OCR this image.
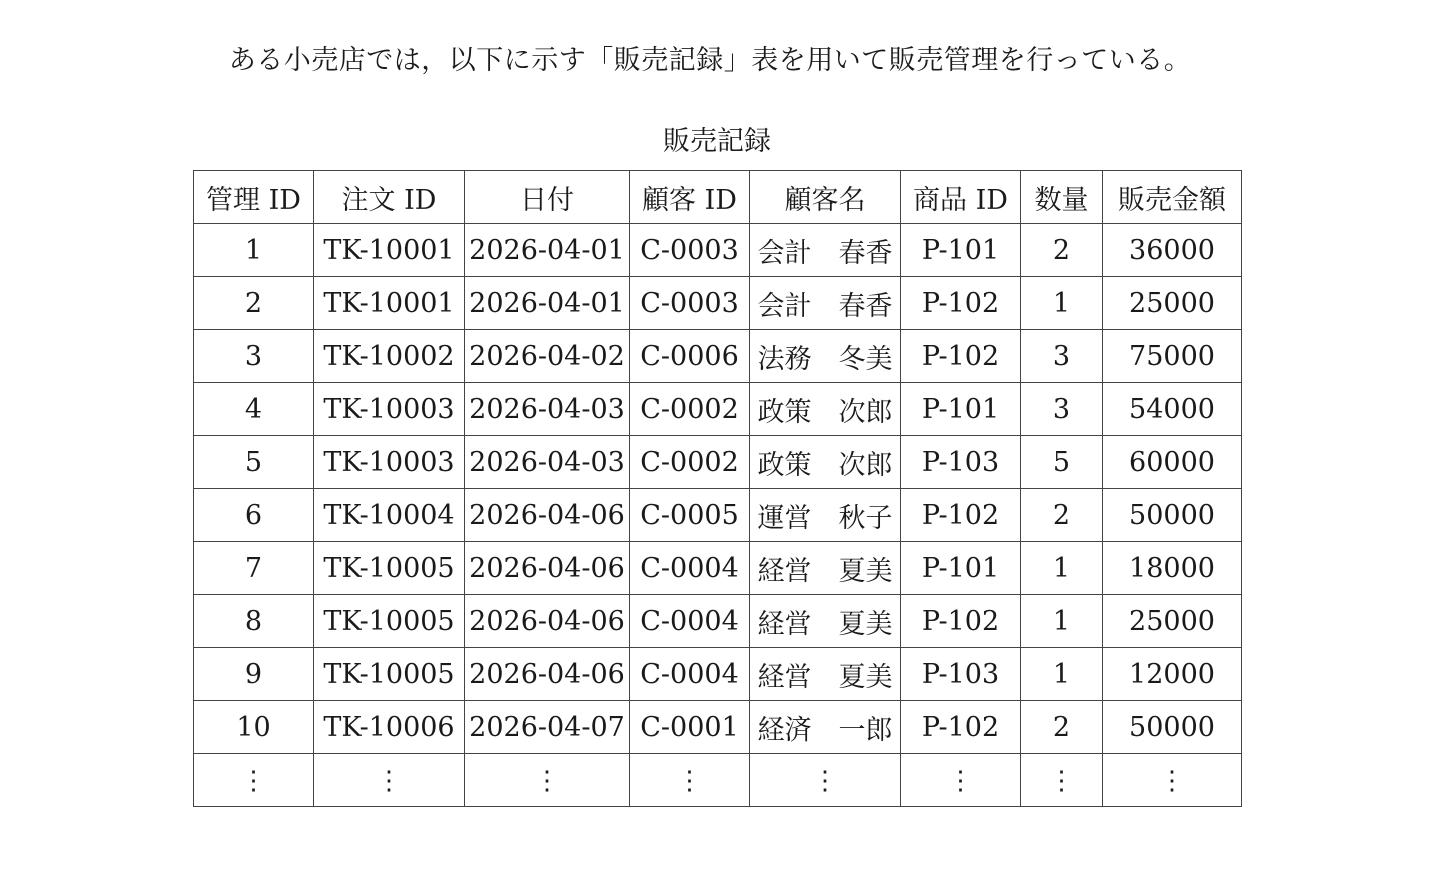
ある小売店では，以下に示す「販売記録」表を用いて販売管理を行っている。

販売記録
管理 ID	注文 ID	日付	顧客 ID	顧客名	商品 ID	数量	販売金額
1	TK-10001	2026-04-01	C-0003	会計　春香	P-101	2	36000
2	TK-10001	2026-04-01	C-0003	会計　春香	P-102	1	25000
3	TK-10002	2026-04-02	C-0006	法務　冬美	P-102	3	75000
4	TK-10003	2026-04-03	C-0002	政策　次郎	P-101	3	54000
5	TK-10003	2026-04-03	C-0002	政策　次郎	P-103	5	60000
6	TK-10004	2026-04-06	C-0005	運営　秋子	P-102	2	50000
7	TK-10005	2026-04-06	C-0004	経営　夏美	P-101	1	18000
8	TK-10005	2026-04-06	C-0004	経営　夏美	P-102	1	25000
9	TK-10005	2026-04-06	C-0004	経営　夏美	P-103	1	12000
10	TK-10006	2026-04-07	C-0001	経済　一郎	P-102	2	50000
⋮	⋮	⋮	⋮	⋮	⋮	⋮	⋮
